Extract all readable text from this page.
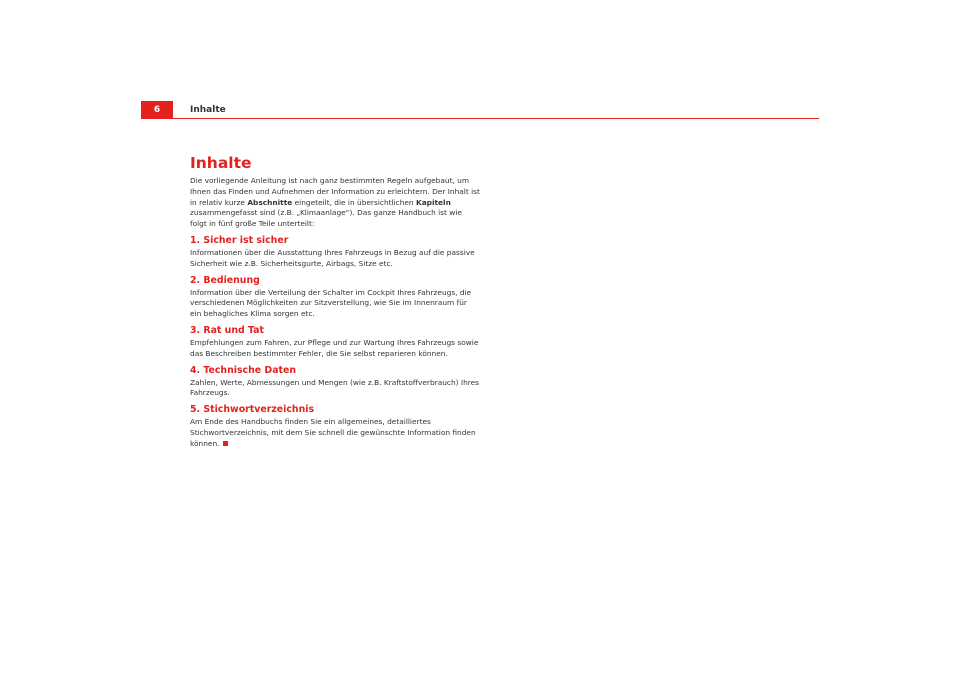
6	Inhalte
Inhalte

Die vorliegende Anleitung ist nach ganz bestimmten Regeln aufgebaut, um Ihnen das Finden und Aufnehmen der Information zu erleichtern. Der Inhalt ist in relativ kurze Abschnitte eingeteilt, die in übersichtlichen Kapiteln zusammengefasst sind (z.B. „Klimaanlage“). Das ganze Handbuch ist wie folgt in fünf große Teile unterteilt:

1. Sicher ist sicher

Informationen über die Ausstattung Ihres Fahrzeugs in Bezug auf die passive Sicherheit wie z.B. Sicherheitsgurte, Airbags, Sitze etc.

2. Bedienung

Information über die Verteilung der Schalter im Cockpit Ihres Fahrzeugs, die verschiedenen Möglichkeiten zur Sitzverstellung, wie Sie im Innenraum für ein behagliches Klima sorgen etc.

3. Rat und Tat

Empfehlungen zum Fahren, zur Pflege und zur Wartung Ihres Fahrzeugs sowie das Beschreiben bestimmter Fehler, die Sie selbst reparieren können.

4. Technische Daten

Zahlen, Werte, Abmessungen und Mengen (wie z.B. Kraftstoffverbrauch) Ihres Fahrzeugs.

5. Stichwortverzeichnis

Am Ende des Handbuchs finden Sie ein allgemeines, detailliertes Stichwortverzeichnis, mit dem Sie schnell die gewünschte Information finden können.
